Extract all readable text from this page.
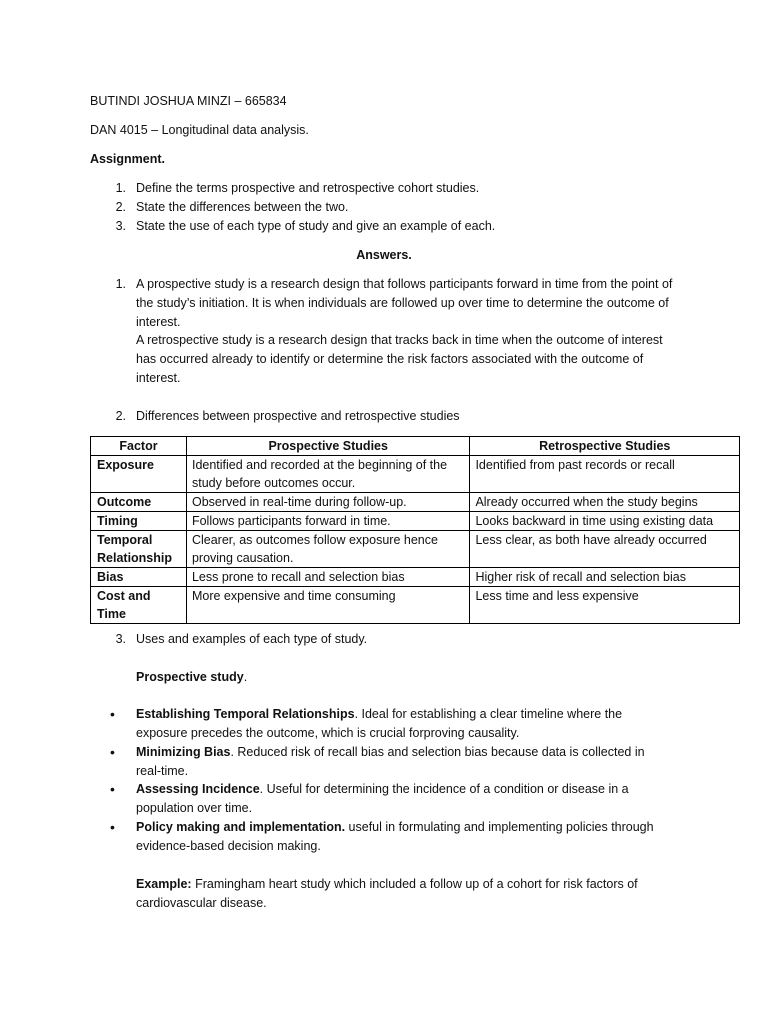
BUTINDI JOSHUA MINZI – 665834
DAN 4015 – Longitudinal data analysis.
Assignment.
1. Define the terms prospective and retrospective cohort studies.
2. State the differences between the two.
3. State the use of each type of study and give an example of each.
Answers.
1. A prospective study is a research design that follows participants forward in time from the point of the study’s initiation. It is when individuals are followed up over time to determine the outcome of interest.
A retrospective study is a research design that tracks back in time when the outcome of interest has occurred already to identify or determine the risk factors associated with the outcome of interest.
2. Differences between prospective and retrospective studies
Factor	Prospective Studies	Retrospective Studies
Exposure	Identified and recorded at the beginning of the study before outcomes occur.	Identified from past records or recall
Outcome	Observed in real-time during follow-up.	Already occurred when the study begins
Timing	Follows participants forward in time.	Looks backward in time using existing data
Temporal Relationship	Clearer, as outcomes follow exposure hence proving causation.	Less clear, as both have already occurred
Bias	Less prone to recall and selection bias	Higher risk of recall and selection bias
Cost and Time	More expensive and time consuming	Less time and less expensive
3. Uses and examples of each type of study.
Prospective study.
• Establishing Temporal Relationships. Ideal for establishing a clear timeline where the exposure precedes the outcome, which is crucial forproving causality.
• Minimizing Bias. Reduced risk of recall bias and selection bias because data is collected in real-time.
• Assessing Incidence. Useful for determining the incidence of a condition or disease in a population over time.
• Policy making and implementation. useful in formulating and implementing policies through evidence-based decision making.
Example: Framingham heart study which included a follow up of a cohort for risk factors of cardiovascular disease.
